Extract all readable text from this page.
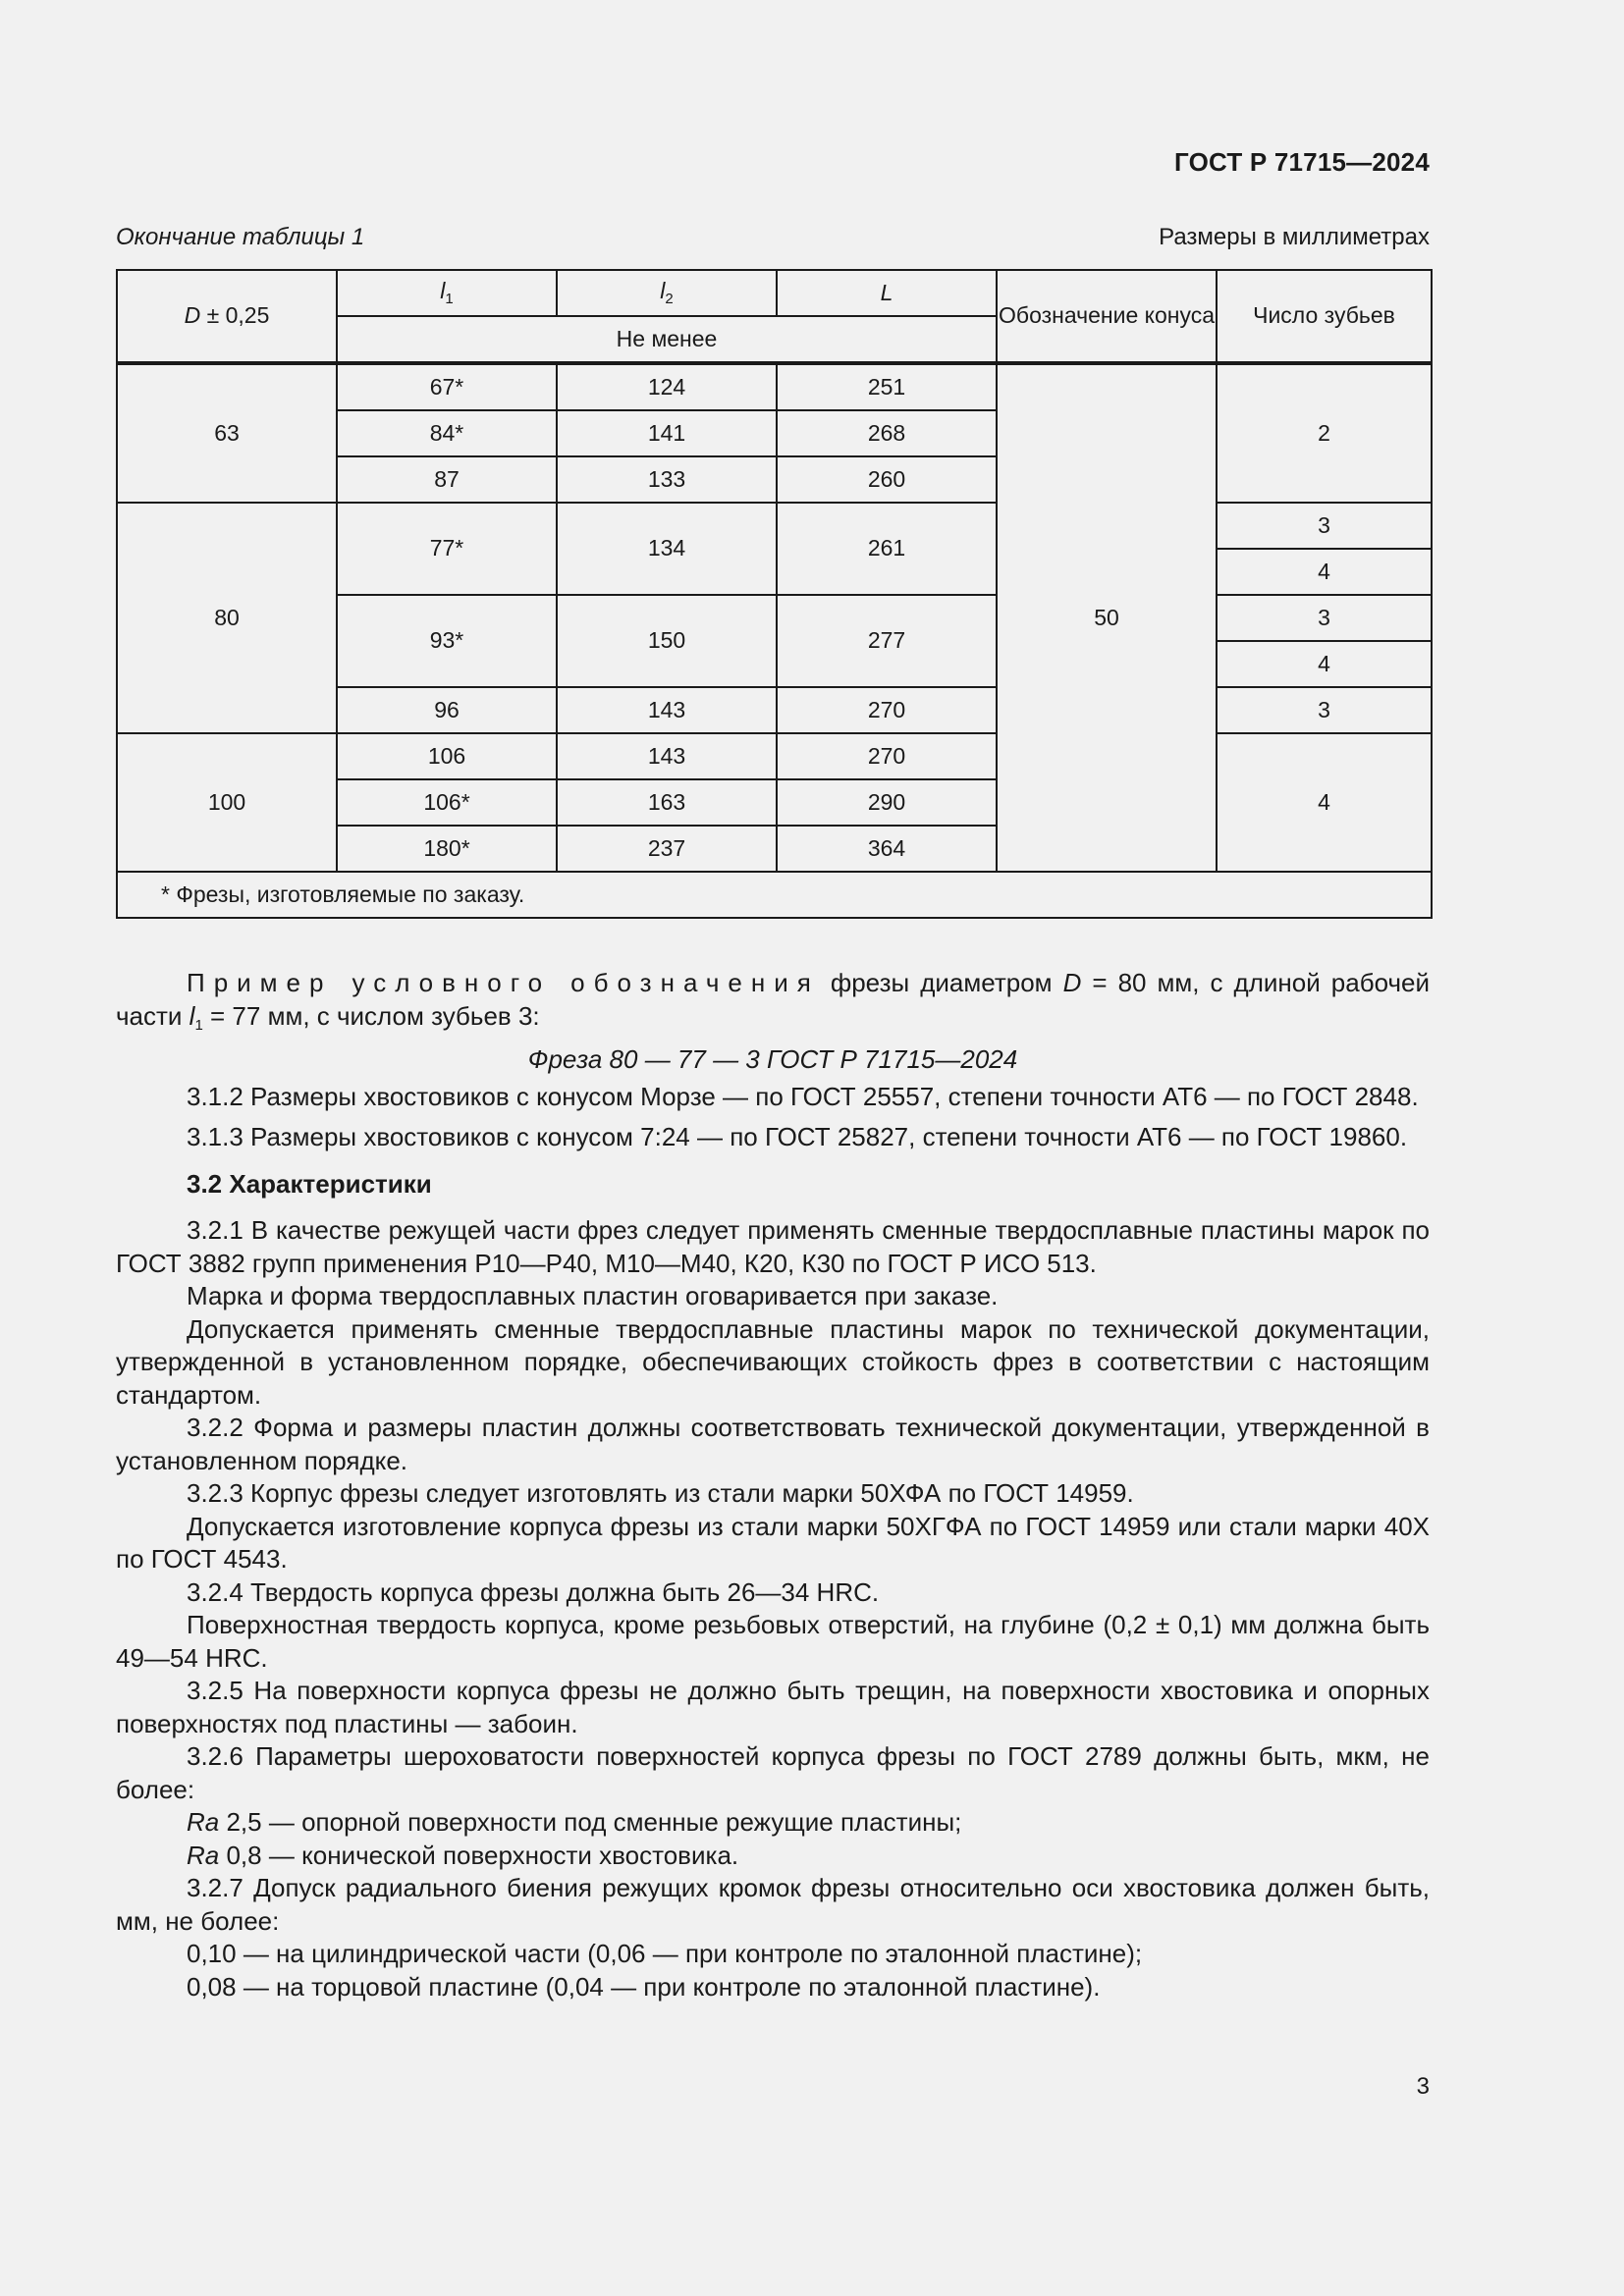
ГОСТ Р 71715—2024
Окончание таблицы 1	Размеры в миллиметрах
D ± 0,25	$l_1$	$l_2$	L	Обозначение конуса	Число зубьев
	Не менее				
63	67*	124	251	50	2
	84*	141	268		
	87	133	260		
80	77*	134	261		3
					4
	93*	150	277		3
					4
	96	143	270		3
100	106	143	270		4
	106*	163	290		
	180*	237	364		
* Фрезы, изготовляемые по заказу.					

Пример условного обозначения фрезы диаметром D = 80 мм, с длиной рабочей части $l_1 = 77$ мм, с числом зубьев 3:

Фреза 80 — 77 — 3 ГОСТ Р 71715—2024

3.1.2 Размеры хвостовиков с конусом Морзе — по ГОСТ 25557, степени точности АТ6 — по ГОСТ 2848.

3.1.3 Размеры хвостовиков с конусом 7:24 — по ГОСТ 25827, степени точности АТ6 — по ГОСТ 19860.

3.2 Характеристики

3.2.1 В качестве режущей части фрез следует применять сменные твердосплавные пластины марок по ГОСТ 3882 групп применения Р10—Р40, М10—М40, К20, К30 по ГОСТ Р ИСО 513.

Марка и форма твердосплавных пластин оговаривается при заказе.

Допускается применять сменные твердосплавные пластины марок по технической документации, утвержденной в установленном порядке, обеспечивающих стойкость фрез в соответствии с настоящим стандартом.

3.2.2 Форма и размеры пластин должны соответствовать технической документации, утвержденной в установленном порядке.

3.2.3 Корпус фрезы следует изготовлять из стали марки 50ХФА по ГОСТ 14959.

Допускается изготовление корпуса фрезы из стали марки 50ХГФА по ГОСТ 14959 или стали марки 40Х по ГОСТ 4543.

3.2.4 Твердость корпуса фрезы должна быть 26—34 HRC.

Поверхностная твердость корпуса, кроме резьбовых отверстий, на глубине (0,2 ± 0,1) мм должна быть 49—54 HRC.

3.2.5 На поверхности корпуса фрезы не должно быть трещин, на поверхности хвостовика и опорных поверхностях под пластины — забоин.

3.2.6 Параметры шероховатости поверхностей корпуса фрезы по ГОСТ 2789 должны быть, мкм, не более:

Ra 2,5 — опорной поверхности под сменные режущие пластины;

Ra 0,8 — конической поверхности хвостовика.

3.2.7 Допуск радиального биения режущих кромок фрезы относительно оси хвостовика должен быть, мм, не более:

0,10 — на цилиндрической части (0,06 — при контроле по эталонной пластине);

0,08 — на торцовой пластине (0,04 — при контроле по эталонной пластине).

3
